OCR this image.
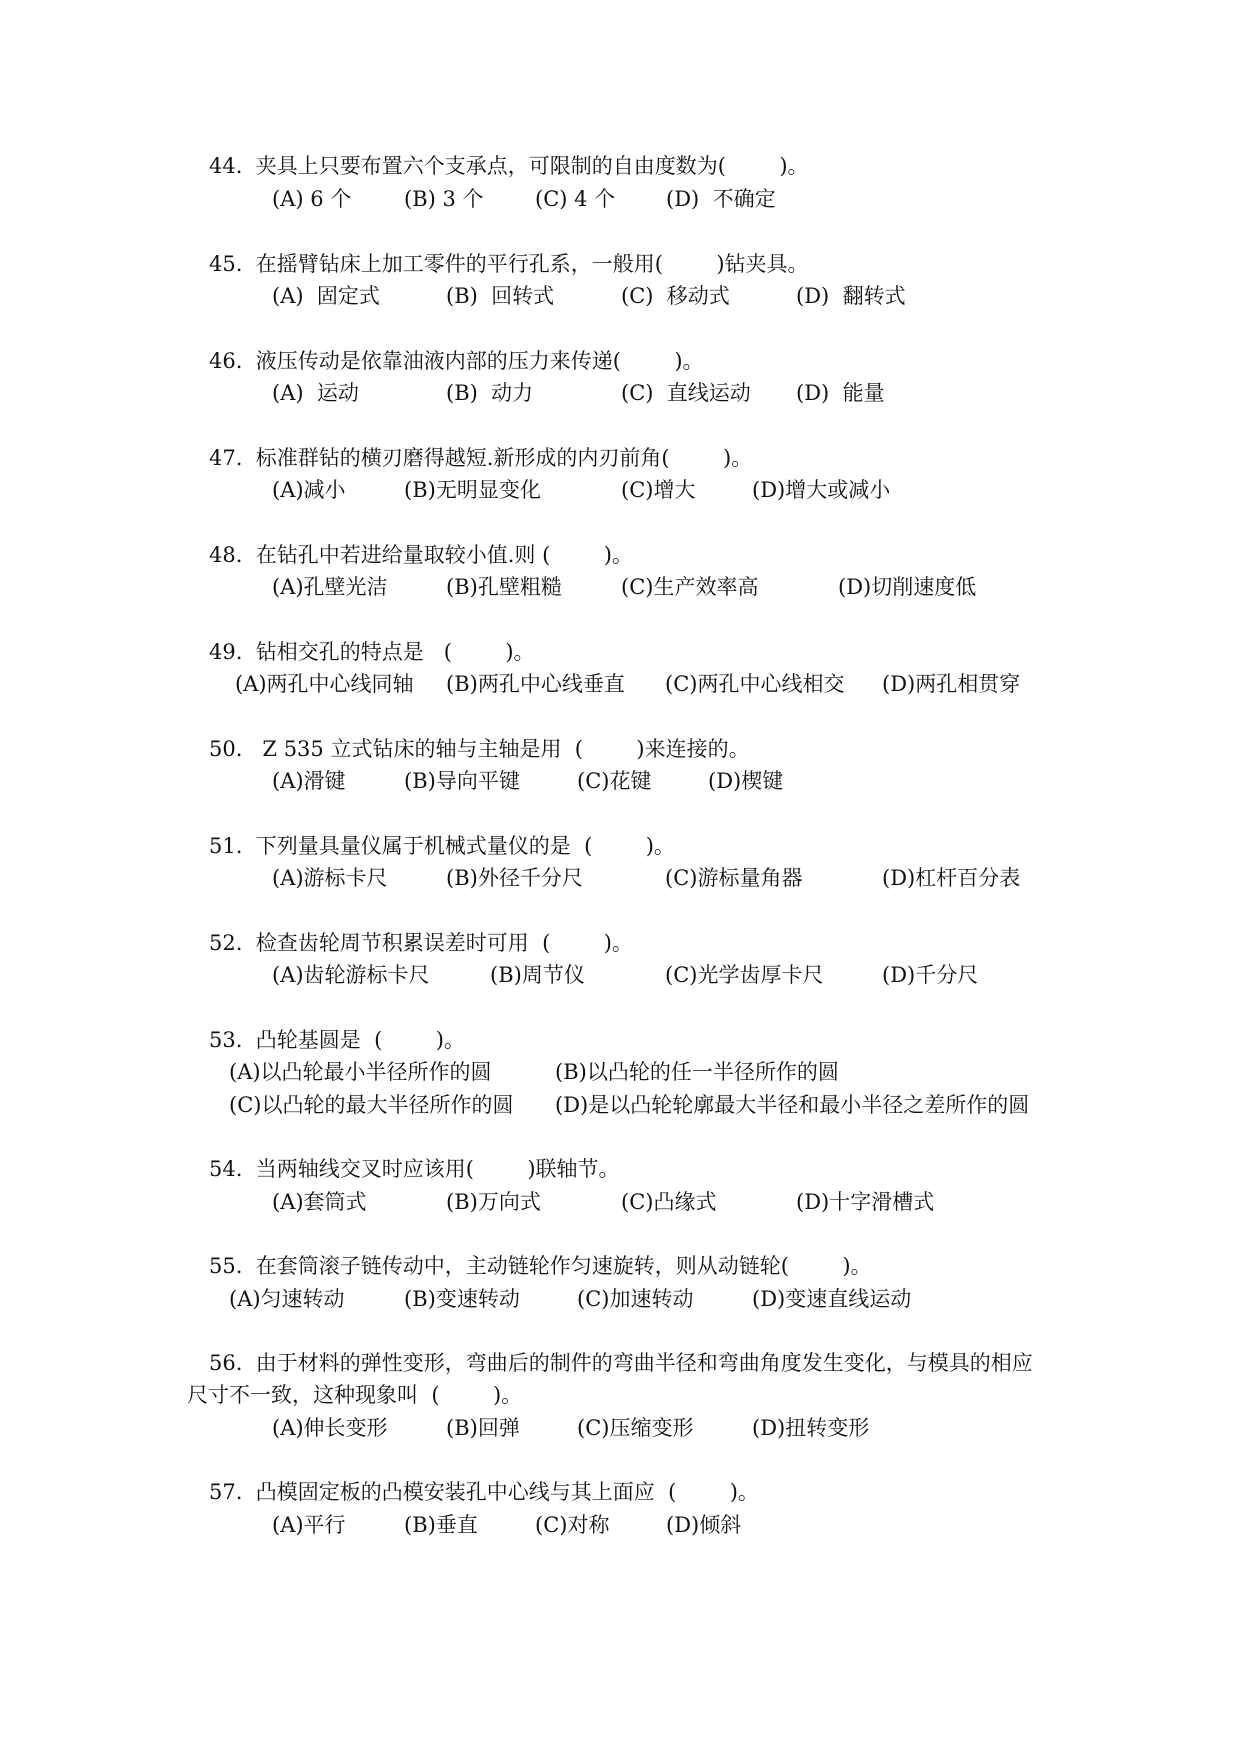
44.  夹具上只要布置六个支承点，可限制的自由度数为(        )。
(A) 6 个	(B) 3 个 (C) 4 个 (D)  不确定
45.  在摇臂钻床上加工零件的平行孔系，一般用(        )钻夹具。
(A)  固定式	(B)  回转式	(C)  移动式	(D)  翻转式
46.  液压传动是依靠油液内部的压力来传递(        )。
(A)  运动	(B)  动力	(C)  直线运动 (D)  能量
47.  标准群钻的横刃磨得越短.新形成的内刃前角(        )。
(A)减小	(B)无明显变化	(C)增大	(D)增大或减小
48.  在钻孔中若进给量取较小值.则 (        )。
(A)孔壁光洁	(B)孔壁粗糙	(C)生产效率高	(D)切削速度低
49.  钻相交孔的特点是   (        )。
(A)两孔中心线同轴 (B)两孔中心线垂直 (C)两孔中心线相交 (D)两孔相贯穿
50.   Z 535 立式钻床的轴与主轴是用  (        )来连接的。
(A)滑键	(B)导向平键	(C)花键	(D)楔键
51.  下列量具量仪属于机械式量仪的是  (        )。
(A)游标卡尺	(B)外径千分尺	(C)游标量角器	(D)杠杆百分表
52.  检查齿轮周节积累误差时可用  (        )。
(A)齿轮游标卡尺	(B)周节仪	(C)光学齿厚卡尺	(D)千分尺
53.  凸轮基圆是  (        )。
(A)以凸轮最小半径所作的圆	(B)以凸轮的任一半径所作的圆
(C)以凸轮的最大半径所作的圆 (D)是以凸轮轮廓最大半径和最小半径之差所作的圆
54.  当两轴线交叉时应该用(        )联轴节。
(A)套筒式	(B)万向式	(C)凸缘式	(D)十字滑槽式
55.  在套筒滚子链传动中，主动链轮作匀速旋转，则从动链轮(        )。
(A)匀速转动	(B)变速转动	(C)加速转动	(D)变速直线运动
56.  由于材料的弹性变形，弯曲后的制件的弯曲半径和弯曲角度发生变化，与模具的相应
尺寸不一致，这种现象叫  (        )。
(A)伸长变形	(B)回弹	(C)压缩变形	(D)扭转变形
57.  凸模固定板的凸模安装孔中心线与其上面应  (        )。
(A)平行	(B)垂直	(C)对称	(D)倾斜
